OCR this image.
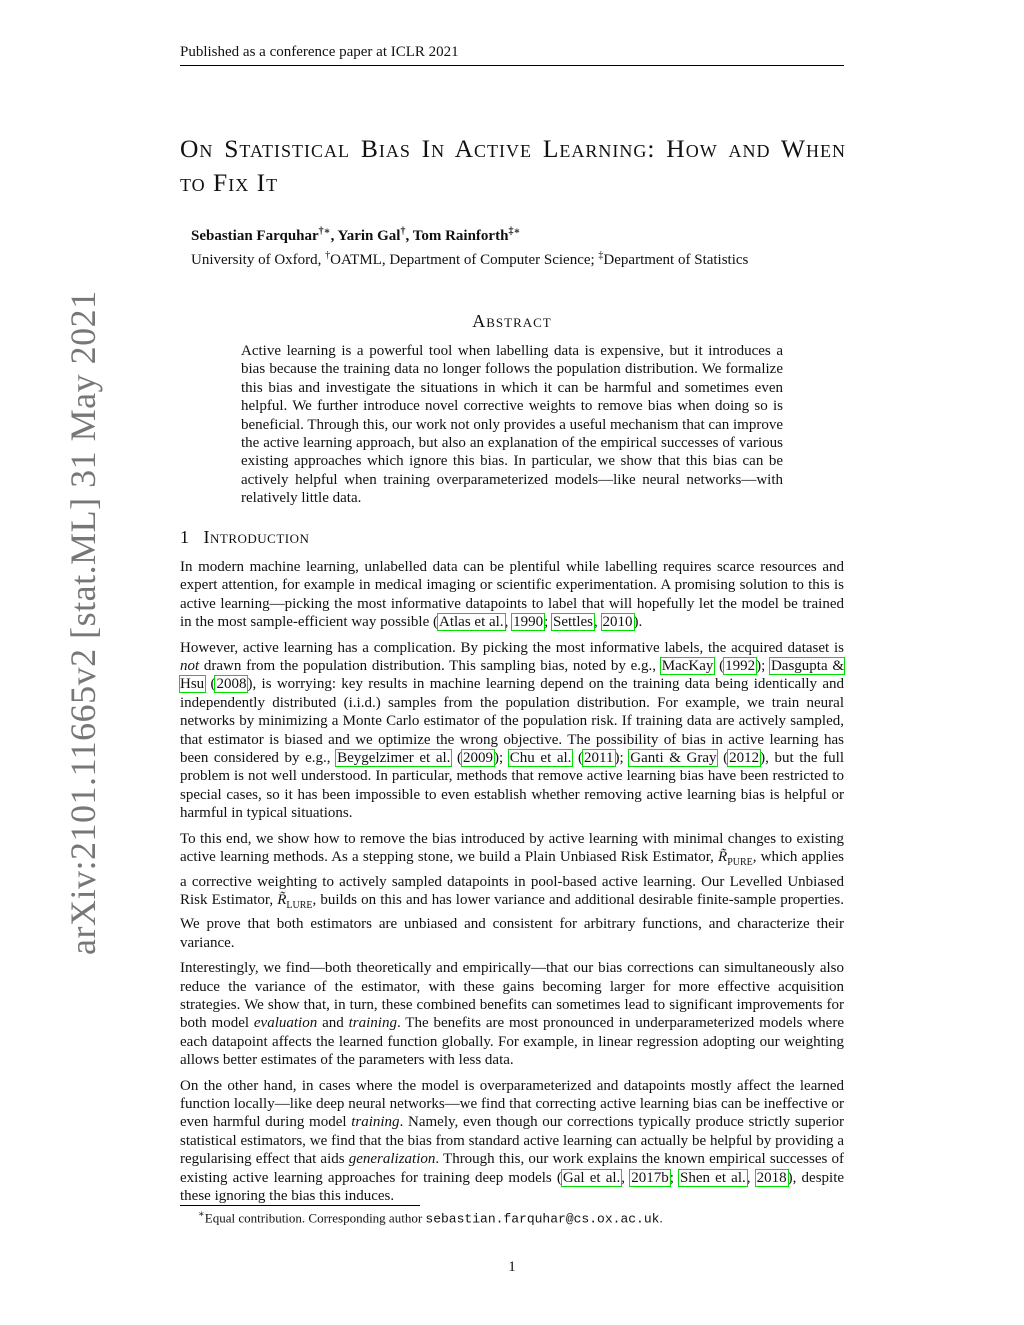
Published as a conference paper at ICLR 2021
arXiv:2101.11665v2 [stat.ML] 31 May 2021
On Statistical Bias In Active Learning: How and When to Fix It
Sebastian Farquhar†∗, Yarin Gal†, Tom Rainforth‡∗
University of Oxford, †OATML, Department of Computer Science; ‡Department of Statistics
Abstract
Active learning is a powerful tool when labelling data is expensive, but it introduces a bias because the training data no longer follows the population distribution. We formalize this bias and investigate the situations in which it can be harmful and sometimes even helpful. We further introduce novel corrective weights to remove bias when doing so is beneficial. Through this, our work not only provides a useful mechanism that can improve the active learning approach, but also an explanation of the empirical successes of various existing approaches which ignore this bias. In particular, we show that this bias can be actively helpful when training overparameterized models—like neural networks—with relatively little data.
1 Introduction

In modern machine learning, unlabelled data can be plentiful while labelling requires scarce resources and expert attention, for example in medical imaging or scientific experimentation. A promising solution to this is active learning—picking the most informative datapoints to label that will hopefully let the model be trained in the most sample-efficient way possible (Atlas et al., 1990; Settles, 2010).

However, active learning has a complication. By picking the most informative labels, the acquired dataset is not drawn from the population distribution. This sampling bias, noted by e.g., MacKay (1992); Dasgupta & Hsu (2008), is worrying: key results in machine learning depend on the training data being identically and independently distributed (i.i.d.) samples from the population distribution. For example, we train neural networks by minimizing a Monte Carlo estimator of the population risk. If training data are actively sampled, that estimator is biased and we optimize the wrong objective. The possibility of bias in active learning has been considered by e.g., Beygelzimer et al. (2009); Chu et al. (2011); Ganti & Gray (2012), but the full problem is not well understood. In particular, methods that remove active learning bias have been restricted to special cases, so it has been impossible to even establish whether removing active learning bias is helpful or harmful in typical situations.

To this end, we show how to remove the bias introduced by active learning with minimal changes to existing active learning methods. As a stepping stone, we build a Plain Unbiased Risk Estimator, $R̃_{PURE}$, which applies a corrective weighting to actively sampled datapoints in pool-based active learning. Our Levelled Unbiased Risk Estimator, $R̃_{LURE}$, builds on this and has lower variance and additional desirable finite-sample properties. We prove that both estimators are unbiased and consistent for arbitrary functions, and characterize their variance.

Interestingly, we find—both theoretically and empirically—that our bias corrections can simultaneously also reduce the variance of the estimator, with these gains becoming larger for more effective acquisition strategies. We show that, in turn, these combined benefits can sometimes lead to significant improvements for both model evaluation and training. The benefits are most pronounced in underparameterized models where each datapoint affects the learned function globally. For example, in linear regression adopting our weighting allows better estimates of the parameters with less data.

On the other hand, in cases where the model is overparameterized and datapoints mostly affect the learned function locally—like deep neural networks—we find that correcting active learning bias can be ineffective or even harmful during model training. Namely, even though our corrections typically produce strictly superior statistical estimators, we find that the bias from standard active learning can actually be helpful by providing a regularising effect that aids generalization. Through this, our work explains the known empirical successes of existing active learning approaches for training deep models (Gal et al., 2017b; Shen et al., 2018), despite these ignoring the bias this induces.

∗Equal contribution. Corresponding author sebastian.farquhar@cs.ox.ac.uk.
1
